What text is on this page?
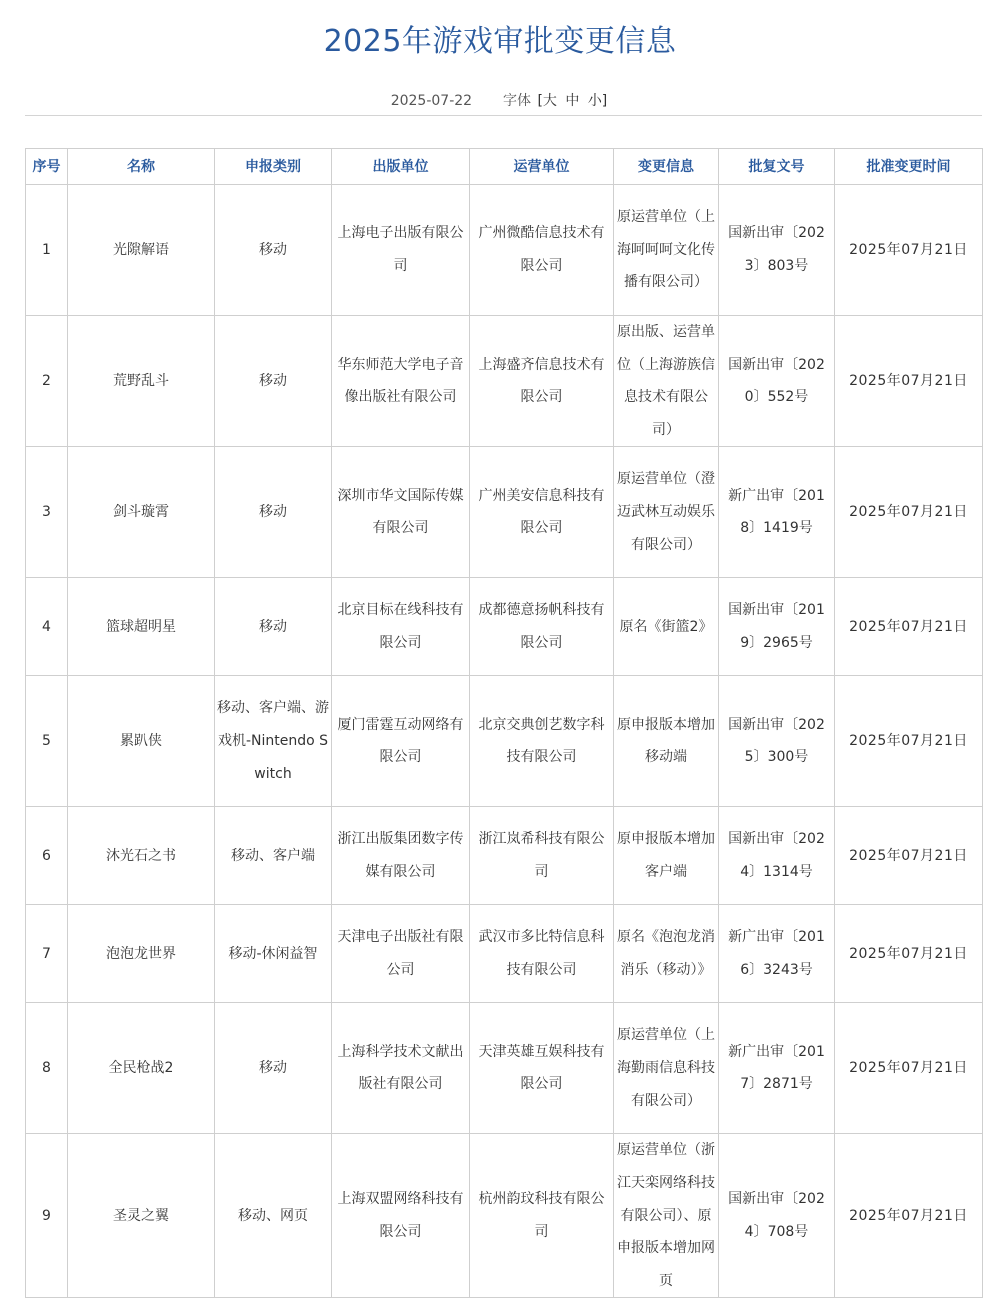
2025年游戏审批变更信息
2025-07-22 字体 [大 中 小]
序号	名称	申报类别	出版单位	运营单位	变更信息	批复文号	批准变更时间
1	光隙解语	移动	上海电子出版有限公司	广州微酷信息技术有限公司	原运营单位（上海呵呵呵文化传播有限公司）	国新出审〔2023〕803号	2025年07月21日
2	荒野乱斗	移动	华东师范大学电子音像出版社有限公司	上海盛齐信息技术有限公司	原出版、运营单位（上海游族信息技术有限公司）	国新出审〔2020〕552号	2025年07月21日
3	剑斗璇霄	移动	深圳市华文国际传媒有限公司	广州美安信息科技有限公司	原运营单位（澄迈武林互动娱乐有限公司）	新广出审〔2018〕1419号	2025年07月21日
4	篮球超明星	移动	北京目标在线科技有限公司	成都德意扬帆科技有限公司	原名《街篮2》	国新出审〔2019〕2965号	2025年07月21日
5	累趴侠	移动、客户端、游戏机-Nintendo Switch	厦门雷霆互动网络有限公司	北京交典创艺数字科技有限公司	原申报版本增加移动端	国新出审〔2025〕300号	2025年07月21日
6	沐光石之书	移动、客户端	浙江出版集团数字传媒有限公司	浙江岚希科技有限公司	原申报版本增加客户端	国新出审〔2024〕1314号	2025年07月21日
7	泡泡龙世界	移动-休闲益智	天津电子出版社有限公司	武汉市多比特信息科技有限公司	原名《泡泡龙消消乐（移动）》	新广出审〔2016〕3243号	2025年07月21日
8	全民枪战2	移动	上海科学技术文献出版社有限公司	天津英雄互娱科技有限公司	原运营单位（上海勤雨信息科技有限公司）	新广出审〔2017〕2871号	2025年07月21日
9	圣灵之翼	移动、网页	上海双盟网络科技有限公司	杭州韵玟科技有限公司	原运营单位（浙江天栾网络科技有限公司）、原申报版本增加网页	国新出审〔2024〕708号	2025年07月21日
